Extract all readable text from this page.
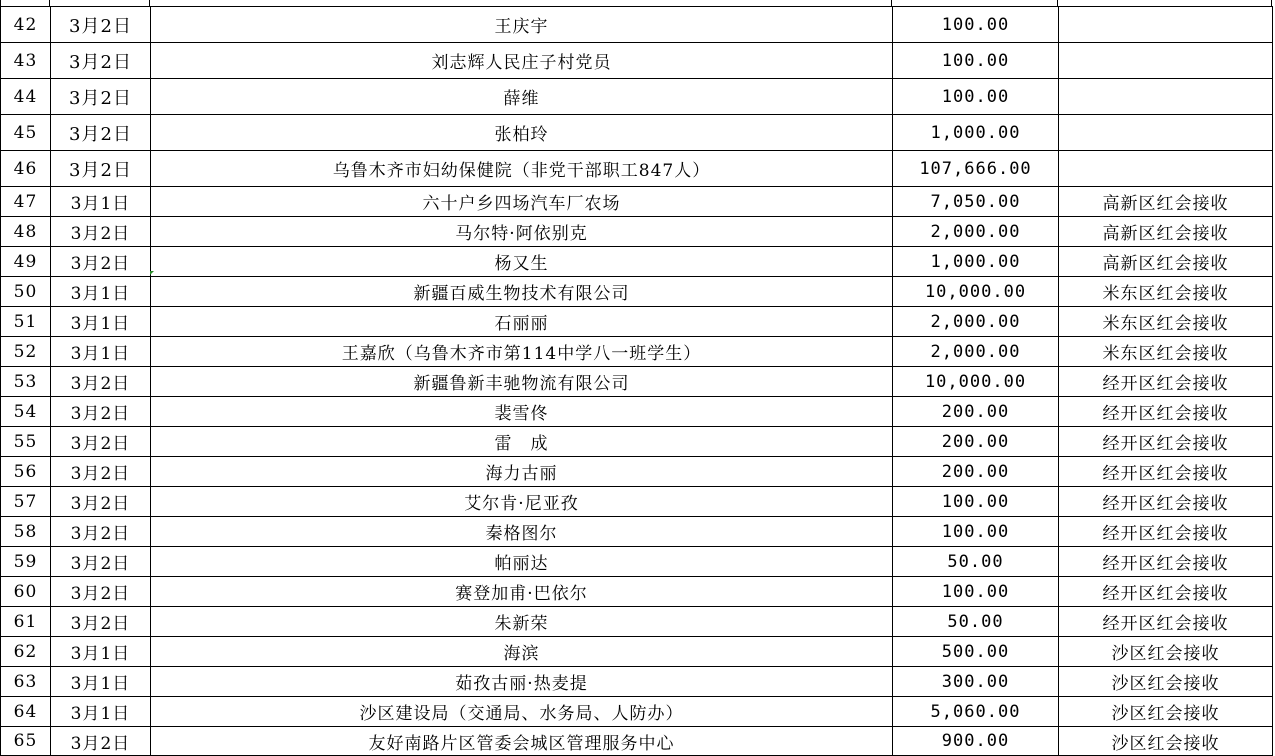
42	3月2日	王庆宇	100.00	
43	3月2日	刘志辉人民庄子村党员	100.00	
44	3月2日	薛维	100.00	
45	3月2日	张柏玲	1,000.00	
46	3月2日	乌鲁木齐市妇幼保健院（非党干部职工847人）	107,666.00	
47	3月1日	六十户乡四场汽车厂农场	7,050.00	高新区红会接收
48	3月2日	马尔特·阿依别克	2,000.00	高新区红会接收
49	3月2日	杨又生	1,000.00	高新区红会接收
50	3月1日	新疆百威生物技术有限公司	10,000.00	米东区红会接收
51	3月1日	石丽丽	2,000.00	米东区红会接收
52	3月1日	王嘉欣（乌鲁木齐市第114中学八一班学生）	2,000.00	米东区红会接收
53	3月2日	新疆鲁新丰驰物流有限公司	10,000.00	经开区红会接收
54	3月2日	裴雪佟	200.00	经开区红会接收
55	3月2日	雷　成	200.00	经开区红会接收
56	3月2日	海力古丽	200.00	经开区红会接收
57	3月2日	艾尔肯·尼亚孜	100.00	经开区红会接收
58	3月2日	秦格图尔	100.00	经开区红会接收
59	3月2日	帕丽达	50.00	经开区红会接收
60	3月2日	赛登加甫·巴依尔	100.00	经开区红会接收
61	3月2日	朱新荣	50.00	经开区红会接收
62	3月1日	海滨	500.00	沙区红会接收
63	3月1日	茹孜古丽·热麦提	300.00	沙区红会接收
64	3月1日	沙区建设局（交通局、水务局、人防办）	5,060.00	沙区红会接收
65	3月2日	友好南路片区管委会城区管理服务中心	900.00	沙区红会接收
